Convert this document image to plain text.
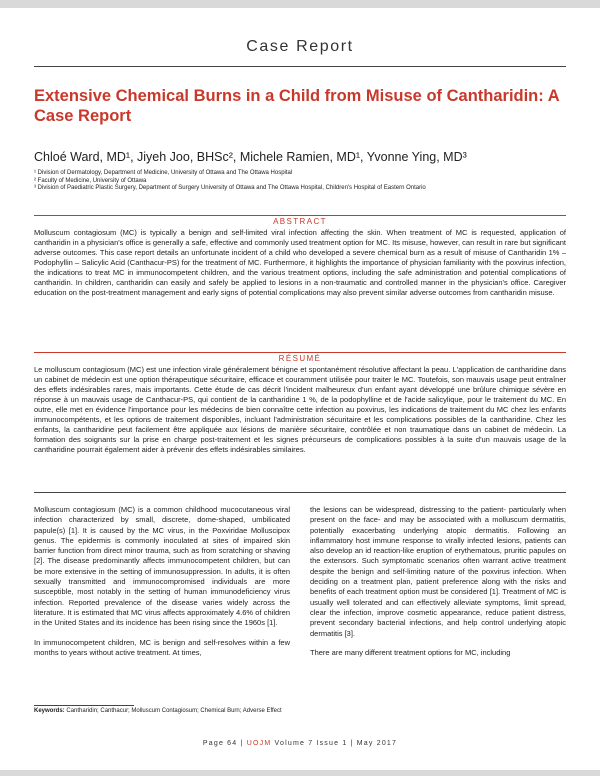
Case Report
Extensive Chemical Burns in a Child from Misuse of Cantharidin: A Case Report
Chloé Ward, MD¹, Jiyeh Joo, BHSc², Michele Ramien, MD¹, Yvonne Ying, MD³
¹ Division of Dermatology, Department of Medicine, University of Ottawa and The Ottawa Hospital
² Faculty of Medicine, University of Ottawa
³ Division of Paediatric Plastic Surgery, Department of Surgery University of Ottawa and The Ottawa Hospital, Children's Hospital of Eastern Ontario
ABSTRACT

Molluscum contagiosum (MC) is typically a benign and self-limited viral infection affecting the skin. When treatment of MC is requested, application of cantharidin in a physician's office is generally a safe, effective and commonly used treatment option for MC. Its misuse, however, can result in rare but significant adverse outcomes. This case report details an unfortunate incident of a child who developed a severe chemical burn as a result of misuse of Cantharidin 1% – Podophyllin – Salicylic Acid (Canthacur-PS) for the treatment of MC. Furthermore, it highlights the importance of physician familiarity with the poxvirus infection, the indications to treat MC in immunocompetent children, and the various treatment options, including the safe administration and potential complications of cantharidin. In children, cantharidin can easily and safely be applied to lesions in a non-traumatic and controlled manner in the physician's office. Caregiver education on the post-treatment management and early signs of potential complications may also prevent similar adverse outcomes from cantharidin misuse.

RÉSUMÉ

Le molluscum contagiosum (MC) est une infection virale généralement bénigne et spontanément résolutive affectant la peau. L'application de cantharidine dans un cabinet de médecin est une option thérapeutique sécuritaire, efficace et couramment utilisée pour traiter le MC. Toutefois, son mauvais usage peut entraîner des effets indésirables rares, mais importants. Cette étude de cas décrit l'incident malheureux d'un enfant ayant développé une brûlure chimique sévère en réponse à un mauvais usage de Canthacur-PS, qui contient de la cantharidine 1 %, de la podophylline et de l'acide salicylique, pour le traitement du MC. En outre, elle met en évidence l'importance pour les médecins de bien connaître cette infection au poxvirus, les indications de traitement du MC chez les enfants immunocompétents, et les options de traitement disponibles, incluant l'administration sécuritaire et les complications possibles de la cantharidine. Chez les enfants, la cantharidine peut facilement être appliquée aux lésions de manière sécuritaire, contrôlée et non traumatique dans un cabinet de médecin. La formation des soignants sur la prise en charge post-traitement et les signes précurseurs de complications possibles à la suite d'un mauvais usage de la cantharidine pourrait également aider à prévenir des effets indésirables similaires.

Molluscum contagiosum (MC) is a common childhood mucocutaneous viral infection characterized by small, discrete, dome-shaped, umbilicated papule(s) [1]. It is caused by the MC virus, in the Poxviridae Molluscipox genus. The epidermis is commonly inoculated at sites of impaired skin barrier function from direct minor trauma, such as from scratching or shaving [2]. The disease predominantly affects immunocompetent children, but can be more extensive in the setting of immunosuppression. In adults, it is often sexually transmitted and immunocompromised individuals are more susceptible, most notably in the setting of human immunodeficiency virus infection. Reported prevalence of the disease varies widely across the literature. It is estimated that MC virus affects approximately 4.6% of children in the United States and its incidence has been rising since the 1960s [1].

In immunocompetent children, MC is benign and self-resolves within a few months to years without active treatment. At times,

the lesions can be widespread, distressing to the patient- particularly when present on the face- and may be associated with a molluscum dermatitis, potentially exacerbating underlying atopic dermatitis. Following an inflammatory host immune response to virally infected lesions, patients can also develop an id reaction-like eruption of erythematous, pruritic papules on the extensors. Such symptomatic scenarios often warrant active treatment despite the benign and self-limiting nature of the poxvirus infection. When deciding on a treatment plan, patient preference along with the risks and benefits of each treatment option must be considered [1]. Treatment of MC is usually well tolerated and can effectively alleviate symptoms, limit spread, clear the infection, improve cosmetic appearance, reduce patient distress, prevent secondary bacterial infections, and help control underlying atopic dermatitis [3].

There are many different treatment options for MC, including

Keywords: Cantharidin; Canthacur; Molluscum Contagiosum; Chemical Burn; Adverse Effect
Page 64 | UOJM Volume 7 Issue 1 | May 2017
